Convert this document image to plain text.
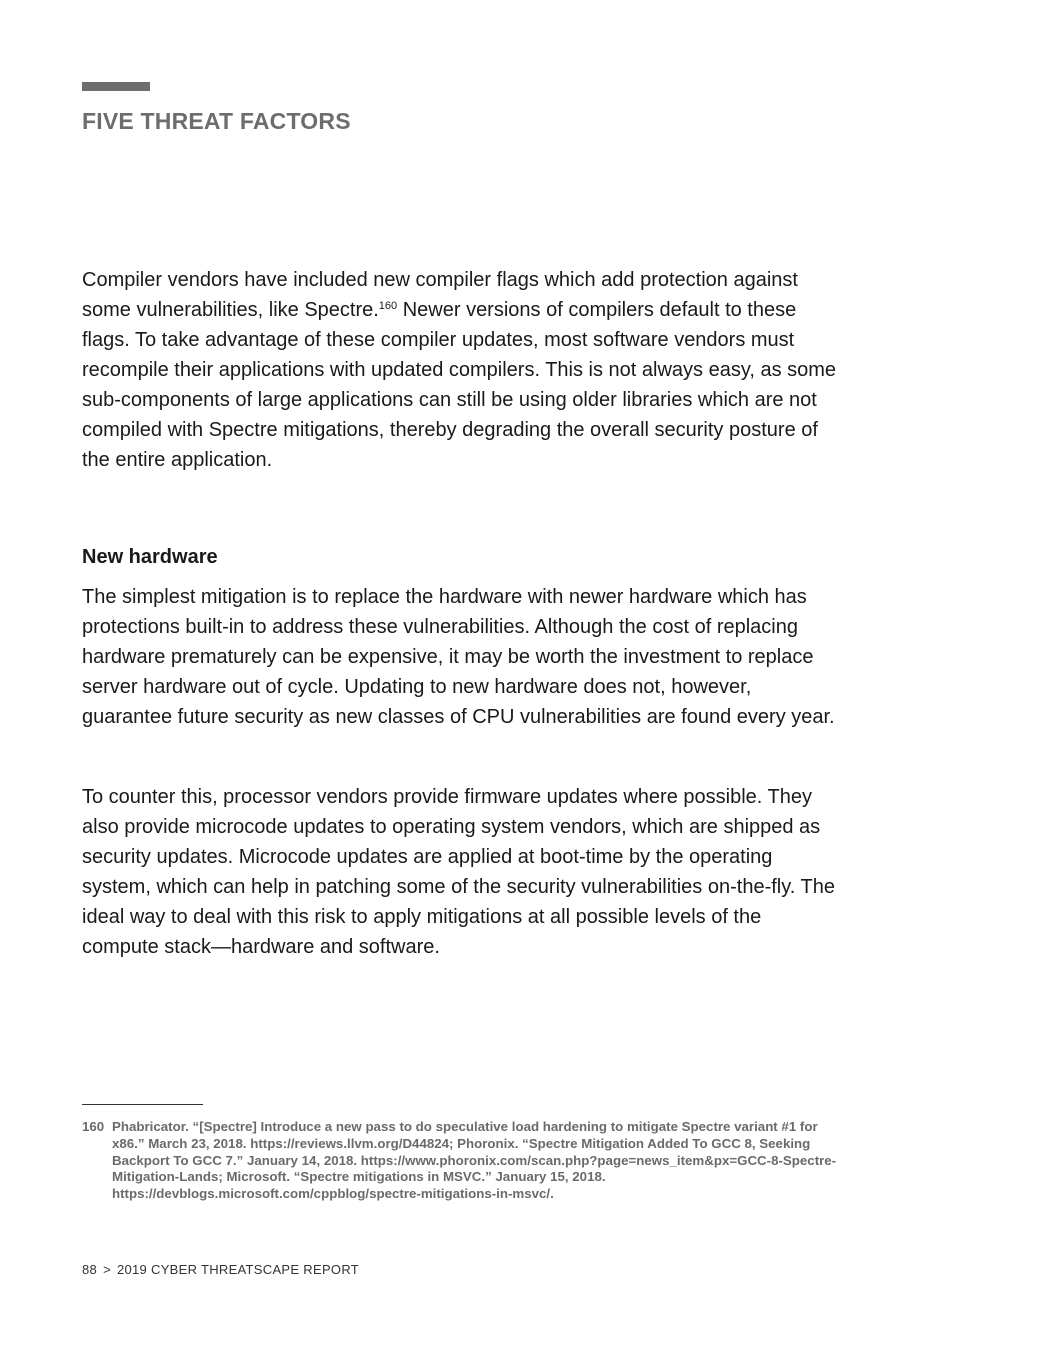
FIVE THREAT FACTORS

Compiler vendors have included new compiler flags which add protection against some vulnerabilities, like Spectre.$^{160}$ Newer versions of compilers default to these flags. To take advantage of these compiler updates, most software vendors must recompile their applications with updated compilers. This is not always easy, as some sub-components of large applications can still be using older libraries which are not compiled with Spectre mitigations, thereby degrading the overall security posture of the entire application.

New hardware

The simplest mitigation is to replace the hardware with newer hardware which has protections built-in to address these vulnerabilities. Although the cost of replacing hardware prematurely can be expensive, it may be worth the investment to replace server hardware out of cycle. Updating to new hardware does not, however, guarantee future security as new classes of CPU vulnerabilities are found every year.

To counter this, processor vendors provide firmware updates where possible. They also provide microcode updates to operating system vendors, which are shipped as security updates. Microcode updates are applied at boot-time by the operating system, which can help in patching some of the security vulnerabilities on-the-fly. The ideal way to deal with this risk to apply mitigations at all possible levels of the compute stack—hardware and software.

160 Phabricator. “[Spectre] Introduce a new pass to do speculative load hardening to mitigate Spectre variant #1 for x86.” March 23, 2018. https://reviews.llvm.org/D44824; Phoronix. “Spectre Mitigation Added To GCC 8, Seeking Backport To GCC 7.” January 14, 2018. https://www.phoronix.com/scan.php?page=news_item&px=GCC-8-Spectre-Mitigation-Lands; Microsoft. “Spectre mitigations in MSVC.” January 15, 2018. https://devblogs.microsoft.com/cppblog/spectre-mitigations-in-msvc/.
88 > 2019 CYBER THREATSCAPE REPORT
